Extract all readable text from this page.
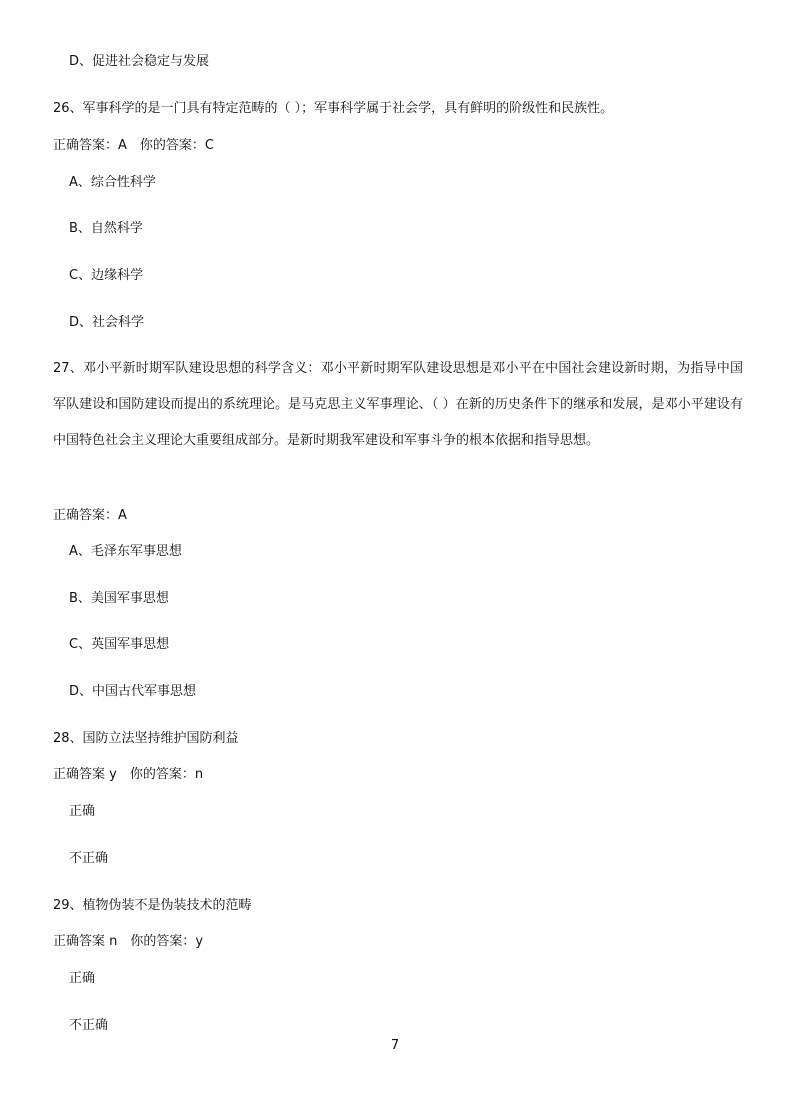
D、促进社会稳定与发展
26、军事科学的是一门具有特定范畴的（ ）；军事科学属于社会学，具有鲜明的阶级性和民族性。
正确答案：A　你的答案：C
A、综合性科学
B、自然科学
C、边缘科学
D、社会科学
27、邓小平新时期军队建设思想的科学含义：邓小平新时期军队建设思想是邓小平在中国社会建设新时期，为指导中国军队建设和国防建设而提出的系统理论。是马克思主义军事理论、（ ）在新的历史条件下的继承和发展，是邓小平建设有中国特色社会主义理论大重要组成部分。是新时期我军建设和军事斗争的根本依据和指导思想。
正确答案：A
A、毛泽东军事思想
B、美国军事思想
C、英国军事思想
D、中国古代军事思想
28、国防立法坚持维护国防利益
正确答案 y　你的答案：n
正确
不正确
29、植物伪装不是伪装技术的范畴
正确答案 n　你的答案：y
正确
不正确
7
